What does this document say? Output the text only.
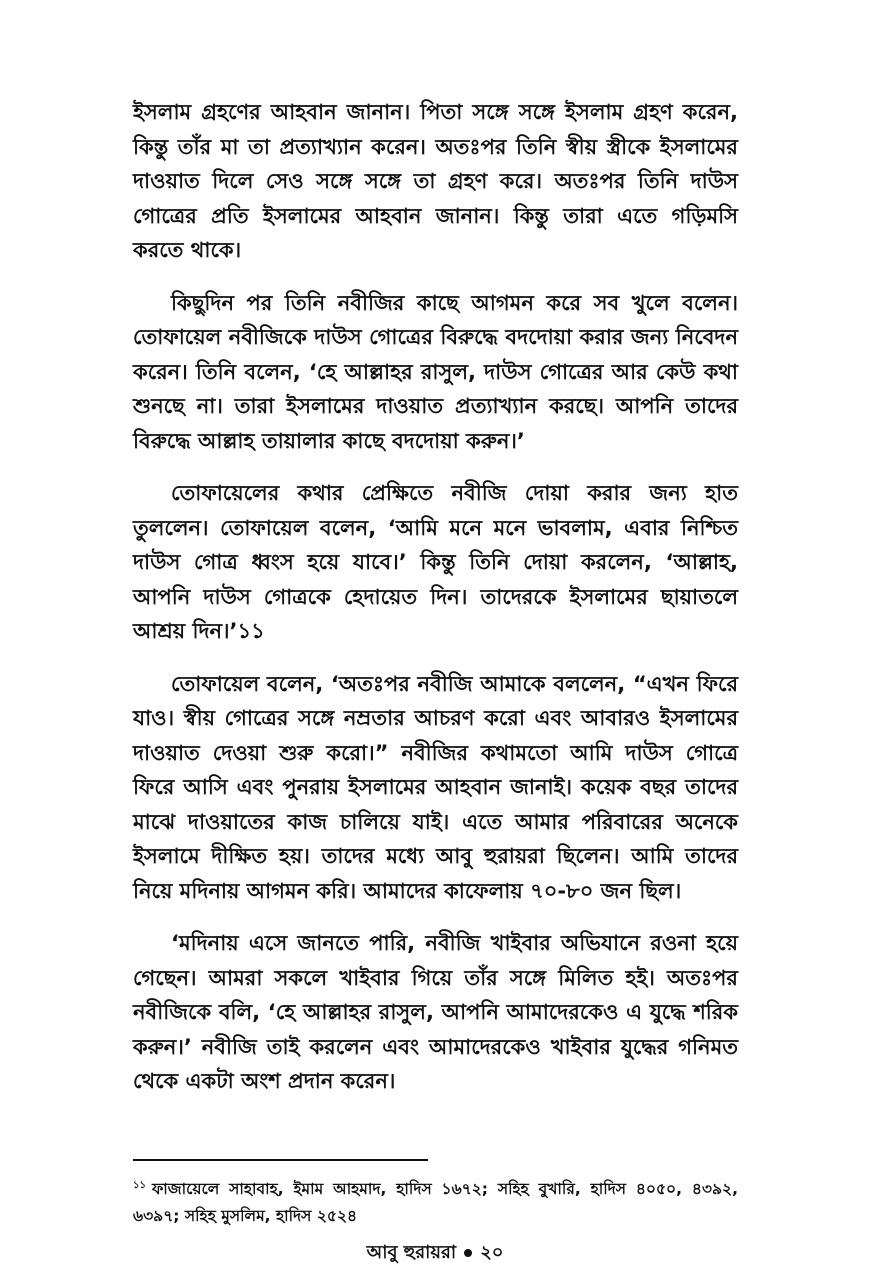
ইসলাম গ্রহণের আহবান জানান। পিতা সঙ্গে সঙ্গে ইসলাম গ্রহণ করেন, কিন্তু তাঁর মা তা প্রত্যাখ্যান করেন। অতঃপর তিনি স্বীয় স্ত্রীকে ইসলামের দাওয়াত দিলে সেও সঙ্গে সঙ্গে তা গ্রহণ করে। অতঃপর তিনি দাউস গোত্রের প্রতি ইসলামের আহবান জানান। কিন্তু তারা এতে গড়িমসি করতে থাকে।

কিছুদিন পর তিনি নবীজির কাছে আগমন করে সব খুলে বলেন। তোফায়েল নবীজিকে দাউস গোত্রের বিরুদ্ধে বদদোয়া করার জন্য নিবেদন করেন। তিনি বলেন, ‘হে আল্লাহর রাসুল, দাউস গোত্রের আর কেউ কথা শুনছে না। তারা ইসলামের দাওয়াত প্রত্যাখ্যান করছে। আপনি তাদের বিরুদ্ধে আল্লাহ তায়ালার কাছে বদদোয়া করুন।’

তোফায়েলের কথার প্রেক্ষিতে নবীজি দোয়া করার জন্য হাত তুললেন। তোফায়েল বলেন, ‘আমি মনে মনে ভাবলাম, এবার নিশ্চিত দাউস গোত্র ধ্বংস হয়ে যাবে।’ কিন্তু তিনি দোয়া করলেন, ‘আল্লাহ, আপনি দাউস গোত্রকে হেদায়েত দিন। তাদেরকে ইসলামের ছায়াতলে আশ্রয় দিন।’১১

তোফায়েল বলেন, ‘অতঃপর নবীজি আমাকে বললেন, “এখন ফিরে যাও। স্বীয় গোত্রের সঙ্গে নম্রতার আচরণ করো এবং আবারও ইসলামের দাওয়াত দেওয়া শুরু করো।” নবীজির কথামতো আমি দাউস গোত্রে ফিরে আসি এবং পুনরায় ইসলামের আহবান জানাই। কয়েক বছর তাদের মাঝে দাওয়াতের কাজ চালিয়ে যাই। এতে আমার পরিবারের অনেকে ইসলামে দীক্ষিত হয়। তাদের মধ্যে আবু হুরায়রা ছিলেন। আমি তাদের নিয়ে মদিনায় আগমন করি। আমাদের কাফেলায় ৭০-৮০ জন ছিল।

‘মদিনায় এসে জানতে পারি, নবীজি খাইবার অভিযানে রওনা হয়ে গেছেন। আমরা সকলে খাইবার গিয়ে তাঁর সঙ্গে মিলিত হই। অতঃপর নবীজিকে বলি, ‘হে আল্লাহর রাসুল, আপনি আমাদেরকেও এ যুদ্ধে শরিক করুন।’ নবীজি তাই করলেন এবং আমাদেরকেও খাইবার যুদ্ধের গনিমত থেকে একটা অংশ প্রদান করেন।

$^{১১}$ ফাজায়েলে সাহাবাহ, ইমাম আহমাদ, হাদিস ১৬৭২; সহিহ বুখারি, হাদিস ৪০৫০, ৪৩৯২, ৬৩৯৭; সহিহ মুসলিম, হাদিস ২৫২৪
আবু হুরায়রা ২০
